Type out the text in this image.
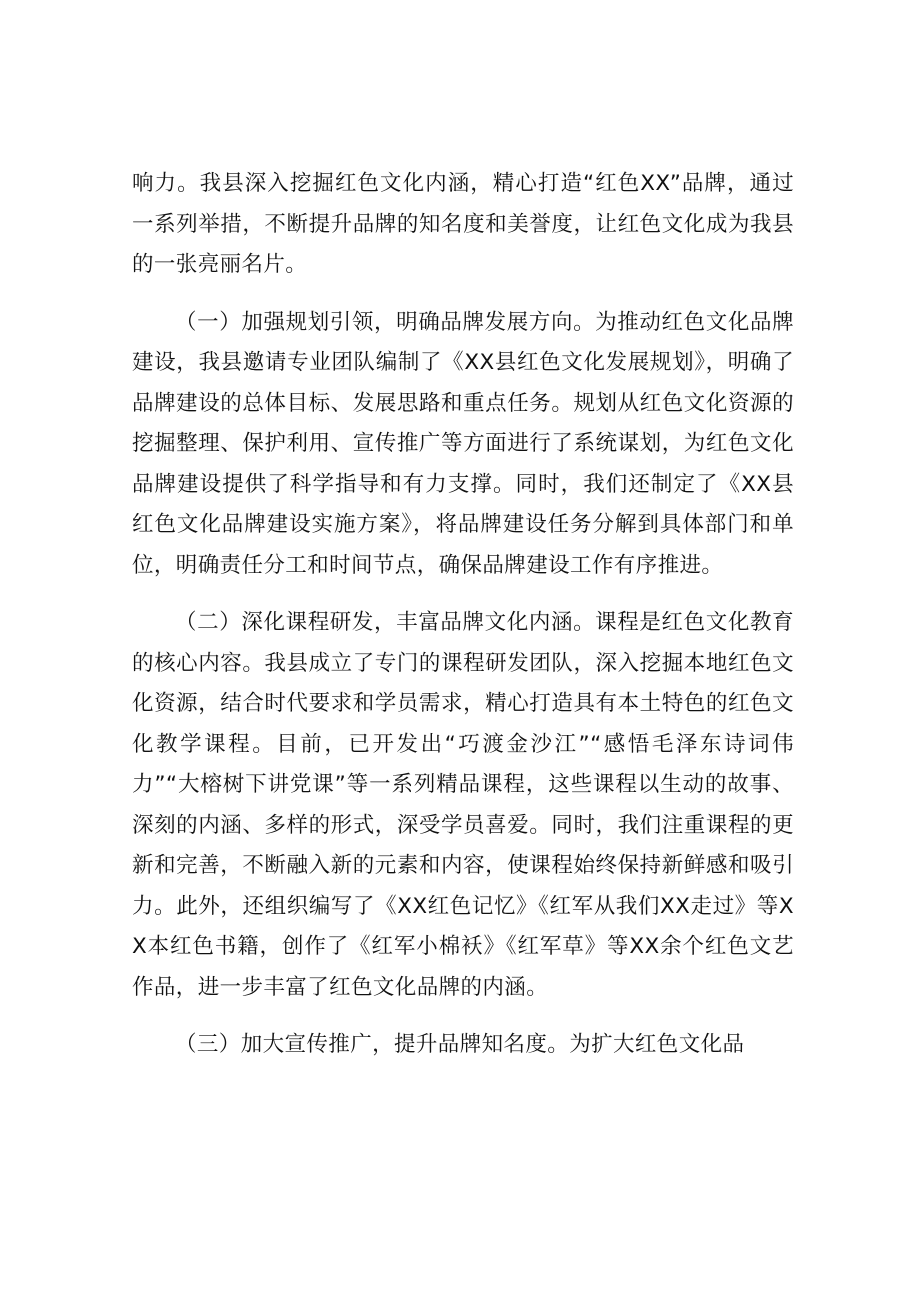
响力。我县深入挖掘红色文化内涵，精心打造“红色XX”品牌，通过一系列举措，不断提升品牌的知名度和美誉度，让红色文化成为我县的一张亮丽名片。

（一）加强规划引领，明确品牌发展方向。为推动红色文化品牌建设，我县邀请专业团队编制了《XX县红色文化发展规划》，明确了品牌建设的总体目标、发展思路和重点任务。规划从红色文化资源的挖掘整理、保护利用、宣传推广等方面进行了系统谋划，为红色文化品牌建设提供了科学指导和有力支撑。同时，我们还制定了《XX县红色文化品牌建设实施方案》，将品牌建设任务分解到具体部门和单位，明确责任分工和时间节点，确保品牌建设工作有序推进。

（二）深化课程研发，丰富品牌文化内涵。课程是红色文化教育的核心内容。我县成立了专门的课程研发团队，深入挖掘本地红色文化资源，结合时代要求和学员需求，精心打造具有本土特色的红色文化教学课程。目前，已开发出“巧渡金沙江”“感悟毛泽东诗词伟力”“大榕树下讲党课”等一系列精品课程，这些课程以生动的故事、深刻的内涵、多样的形式，深受学员喜爱。同时，我们注重课程的更新和完善，不断融入新的元素和内容，使课程始终保持新鲜感和吸引力。此外，还组织编写了《XX红色记忆》《红军从我们XX走过》等XX本红色书籍，创作了《红军小棉袄》《红军草》等XX余个红色文艺作品，进一步丰富了红色文化品牌的内涵。

（三）加大宣传推广，提升品牌知名度。为扩大红色文化品
